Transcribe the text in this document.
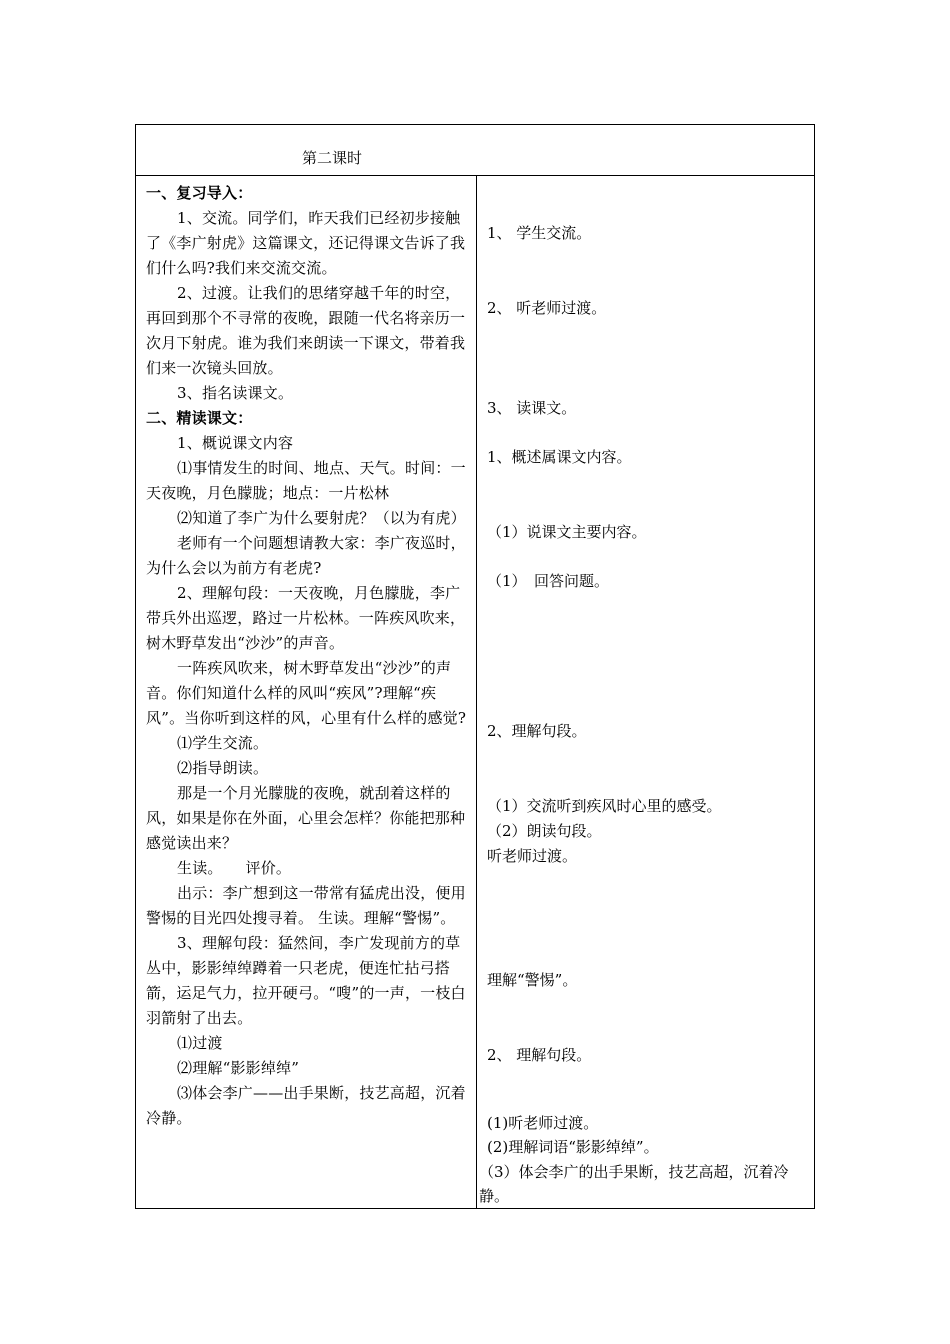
第二课时

一、复习导入：

1、交流。同学们，昨天我们已经初步接触了《李广射虎》这篇课文，还记得课文告诉了我们什么吗?我们来交流交流。

2、过渡。让我们的思绪穿越千年的时空，再回到那个不寻常的夜晚，跟随一代名将亲历一次月下射虎。谁为我们来朗读一下课文，带着我们来一次镜头回放。

3、指名读课文。

二、精读课文：

1、概说课文内容

⑴事情发生的时间、地点、天气。时间：一天夜晚，月色朦胧；地点：一片松林

⑵知道了李广为什么要射虎？（以为有虎）

老师有一个问题想请教大家：李广夜巡时，为什么会以为前方有老虎?

2、理解句段：一天夜晚，月色朦胧，李广带兵外出巡逻，路过一片松林。一阵疾风吹来，树木野草发出“沙沙”的声音。

一阵疾风吹来，树木野草发出“沙沙”的声音。你们知道什么样的风叫“疾风”?理解“疾风”。当你听到这样的风，心里有什么样的感觉?

⑴学生交流。

⑵指导朗读。

那是一个月光朦胧的夜晚，就刮着这样的风，如果是你在外面，心里会怎样？你能把那种感觉读出来？

生读。　　评价。

出示：李广想到这一带常有猛虎出没，便用警惕的目光四处搜寻着。 生读。理解“警惕”。

3、理解句段：猛然间，李广发现前方的草丛中，影影绰绰蹲着一只老虎，便连忙拈弓搭箭，运足气力，拉开硬弓。“嗖”的一声，一枝白羽箭射了出去。

⑴过渡

⑵理解“影影绰绰”

⑶体会李广——出手果断，技艺高超，沉着冷静。

1、 学生交流。
2、 听老师过渡。
3、 读课文。
1、概述属课文内容。
（1）说课文主要内容。
（1）　回答问题。
2、理解句段。
（1）交流听到疾风时心里的感受。
（2）朗读句段。
听老师过渡。
理解“警惕”。
2、 理解句段。
(1)听老师过渡。
(2)理解词语“影影绰绰”。
（3）体会李广的出手果断，技艺高超，沉着冷静。
